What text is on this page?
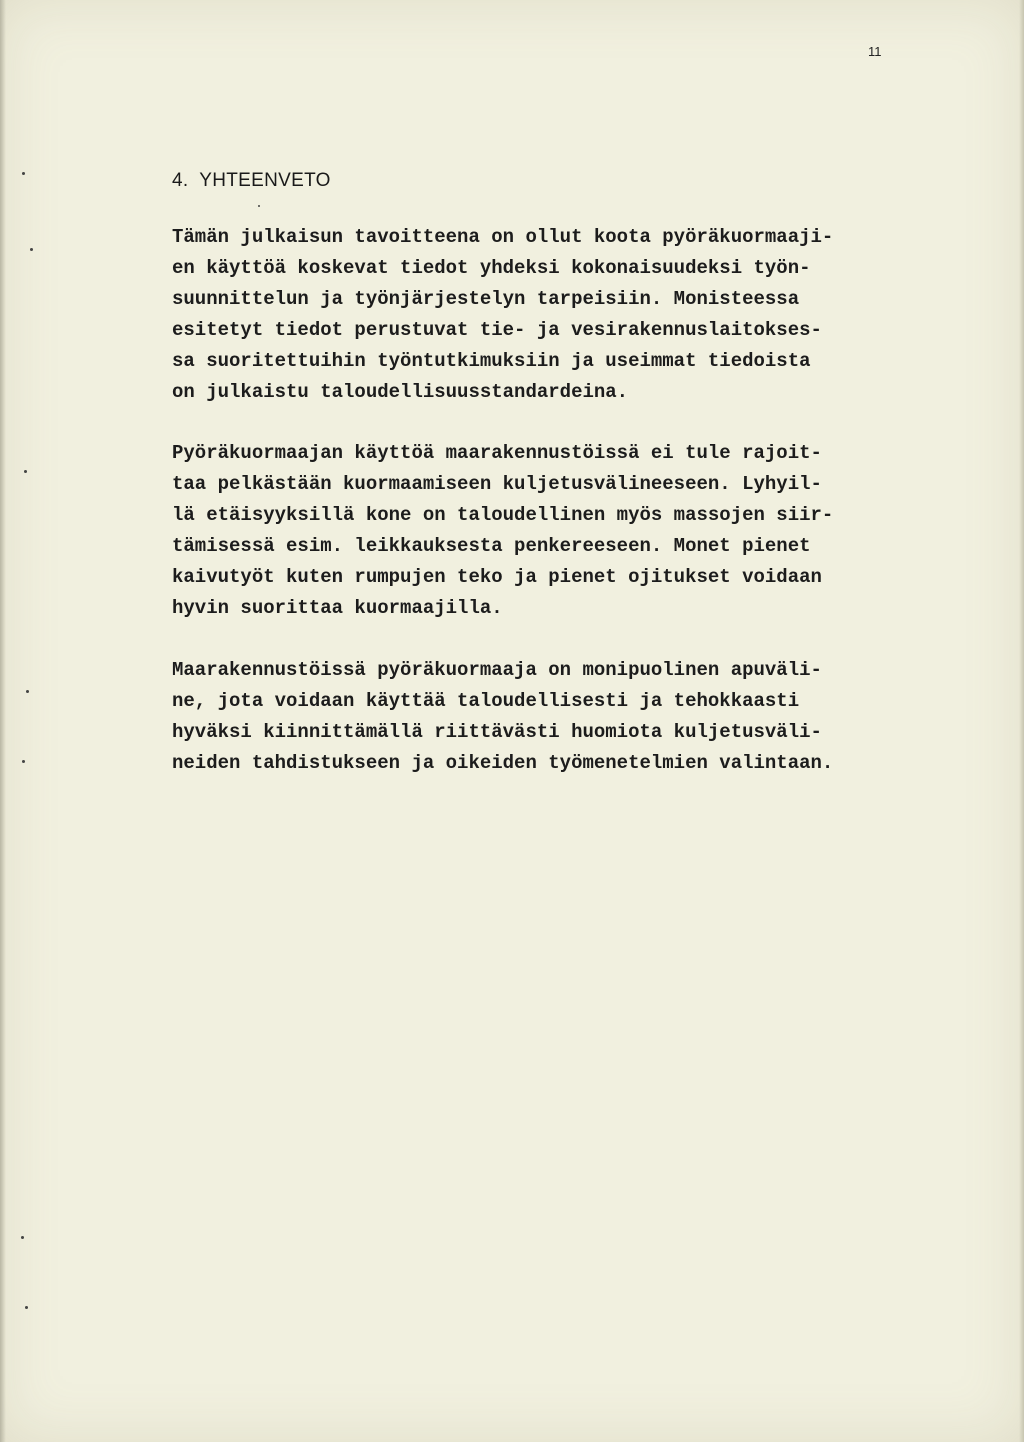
11
4.  YHTEENVETO
Tämän julkaisun tavoitteena on ollut koota pyöräkuormaaji-
en käyttöä koskevat tiedot yhdeksi kokonaisuudeksi työn-
suunnittelun ja työnjärjestelyn tarpeisiin. Monisteessa
esitetyt tiedot perustuvat tie- ja vesirakennuslaitokses-
sa suoritettuihin työntutkimuksiin ja useimmat tiedoista
on julkaistu taloudellisuusstandardeina.
Pyöräkuormaajan käyttöä maarakennustöissä ei tule rajoit-
taa pelkästään kuormaamiseen kuljetusvälineeseen. Lyhyil-
lä etäisyyksillä kone on taloudellinen myös massojen siir-
tämisessä esim. leikkauksesta penkereeseen. Monet pienet
kaivutyöt kuten rumpujen teko ja pienet ojitukset voidaan
hyvin suorittaa kuormaajilla.
Maarakennustöissä pyöräkuormaaja on monipuolinen apuväli-
ne, jota voidaan käyttää taloudellisesti ja tehokkaasti
hyväksi kiinnittämällä riittävästi huomiota kuljetusväli-
neiden tahdistukseen ja oikeiden työmenetelmien valintaan.
